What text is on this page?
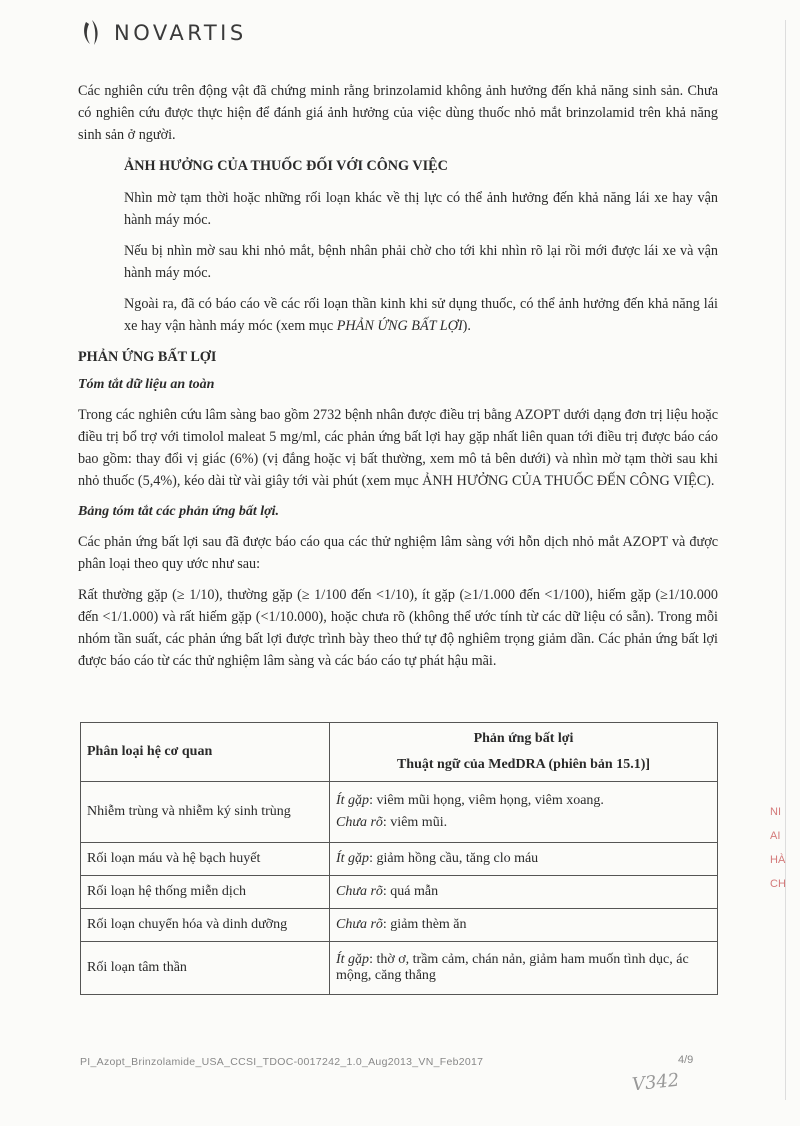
NOVARTIS

Các nghiên cứu trên động vật đã chứng minh rằng brinzolamid không ảnh hưởng đến khả năng sinh sản. Chưa có nghiên cứu được thực hiện để đánh giá ảnh hưởng của việc dùng thuốc nhỏ mắt brinzolamid trên khả năng sinh sản ở người.

ẢNH HƯỞNG CỦA THUỐC ĐỐI VỚI CÔNG VIỆC

Nhìn mờ tạm thời hoặc những rối loạn khác về thị lực có thể ảnh hưởng đến khả năng lái xe hay vận hành máy móc.

Nếu bị nhìn mờ sau khi nhỏ mắt, bệnh nhân phải chờ cho tới khi nhìn rõ lại rồi mới được lái xe và vận hành máy móc.

Ngoài ra, đã có báo cáo về các rối loạn thần kinh khi sử dụng thuốc, có thể ảnh hưởng đến khả năng lái xe hay vận hành máy móc (xem mục PHẢN ỨNG BẤT LỢI).

PHẢN ỨNG BẤT LỢI
Tóm tắt dữ liệu an toàn

Trong các nghiên cứu lâm sàng bao gồm 2732 bệnh nhân được điều trị bằng AZOPT dưới dạng đơn trị liệu hoặc điều trị bổ trợ với timolol maleat 5 mg/ml, các phản ứng bất lợi hay gặp nhất liên quan tới điều trị được báo cáo bao gồm: thay đổi vị giác (6%) (vị đắng hoặc vị bất thường, xem mô tả bên dưới) và nhìn mờ tạm thời sau khi nhỏ thuốc (5,4%), kéo dài từ vài giây tới vài phút (xem mục ẢNH HƯỞNG CỦA THUỐC ĐẾN CÔNG VIỆC).

Bảng tóm tắt các phản ứng bất lợi.

Các phản ứng bất lợi sau đã được báo cáo qua các thử nghiệm lâm sàng với hỗn dịch nhỏ mắt AZOPT và được phân loại theo quy ước như sau:

Rất thường gặp (≥ 1/10), thường gặp (≥ 1/100 đến <1/10), ít gặp (≥1/1.000 đến <1/100), hiếm gặp (≥1/10.000 đến <1/1.000) và rất hiếm gặp (<1/10.000), hoặc chưa rõ (không thể ước tính từ các dữ liệu có sẵn). Trong mỗi nhóm tần suất, các phản ứng bất lợi được trình bày theo thứ tự độ nghiêm trọng giảm dần. Các phản ứng bất lợi được báo cáo từ các thử nghiệm lâm sàng và các báo cáo tự phát hậu mãi.

Phân loại hệ cơ quan	Phản ứng bất lợi
Thuật ngữ của MedDRA (phiên bản 15.1)]

Nhiễm trùng và nhiễm ký sinh trùng	Ít gặp: viêm mũi họng, viêm họng, viêm xoang.
Chưa rõ: viêm mũi.

Rối loạn máu và hệ bạch huyết	Ít gặp: giảm hồng cầu, tăng clo máu
Rối loạn hệ thống miễn dịch	Chưa rõ: quá mẫn
Rối loạn chuyển hóa và dinh dưỡng	Chưa rõ: giảm thèm ăn
Rối loạn tâm thần	Ít gặp: thờ ơ, trầm cảm, chán nản, giảm ham muốn tình dục, ác mộng, căng thẳng
NI
AI
HÀ
CH
PI_Azopt_Brinzolamide_USA_CCSI_TDOC-0017242_1.0_Aug2013_VN_Feb2017	4/9
V342
